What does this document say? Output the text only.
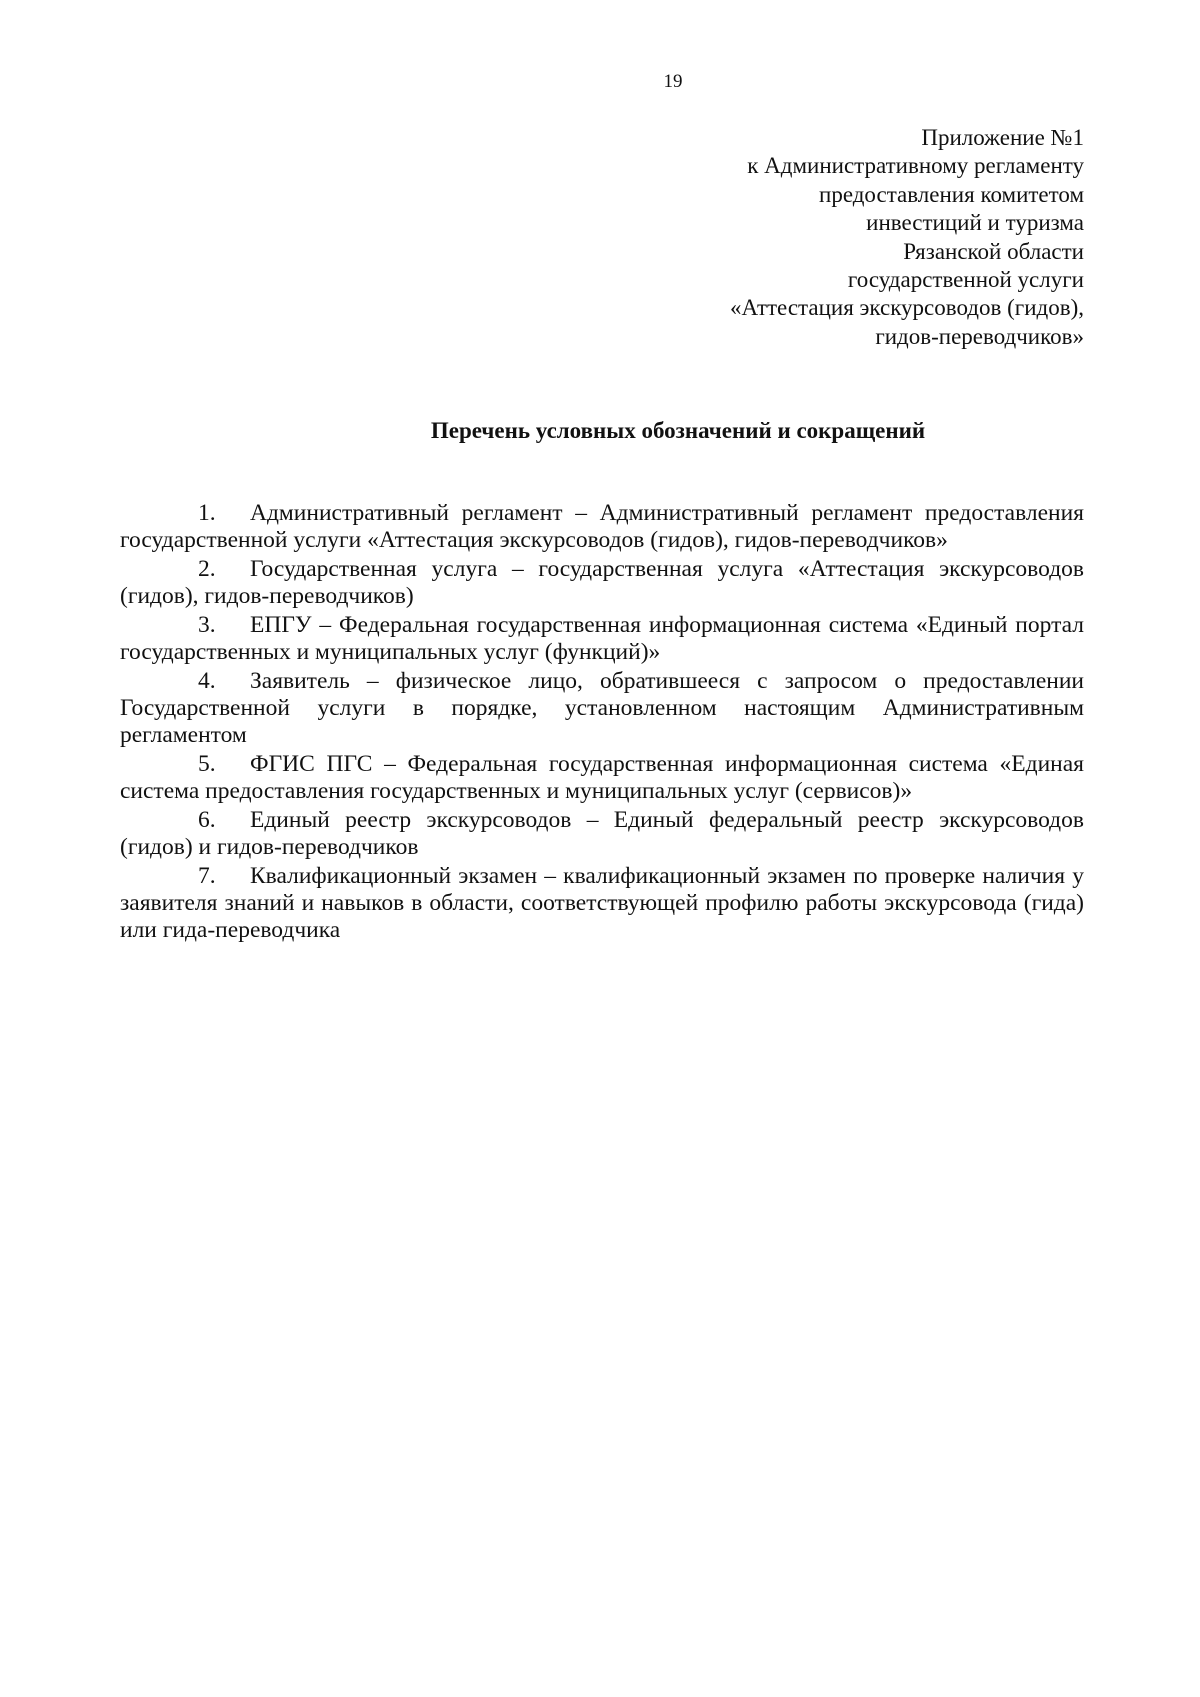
19
Приложение №1
к Административному регламенту
предоставления комитетом
инвестиций и туризма
Рязанской области
государственной услуги
«Аттестация экскурсоводов (гидов),
гидов-переводчиков»
Перечень условных обозначений и сокращений

1. Административный регламент – Административный регламент предоставления государственной услуги «Аттестация экскурсоводов (гидов), гидов-переводчиков»

2. Государственная услуга – государственная услуга «Аттестация экскурсоводов (гидов), гидов-переводчиков)

3. ЕПГУ – Федеральная государственная информационная система «Единый портал государственных и муниципальных услуг (функций)»

4. Заявитель – физическое лицо, обратившееся с запросом о предоставлении Государственной услуги в порядке, установленном настоящим Административным регламентом

5. ФГИС ПГС – Федеральная государственная информационная система «Единая система предоставления государственных и муниципальных услуг (сервисов)»

6. Единый реестр экскурсоводов – Единый федеральный реестр экскурсоводов (гидов) и гидов-переводчиков

7. Квалификационный экзамен – квалификационный экзамен по проверке наличия у заявителя знаний и навыков в области, соответствующей профилю работы экскурсовода (гида) или гида-переводчика
